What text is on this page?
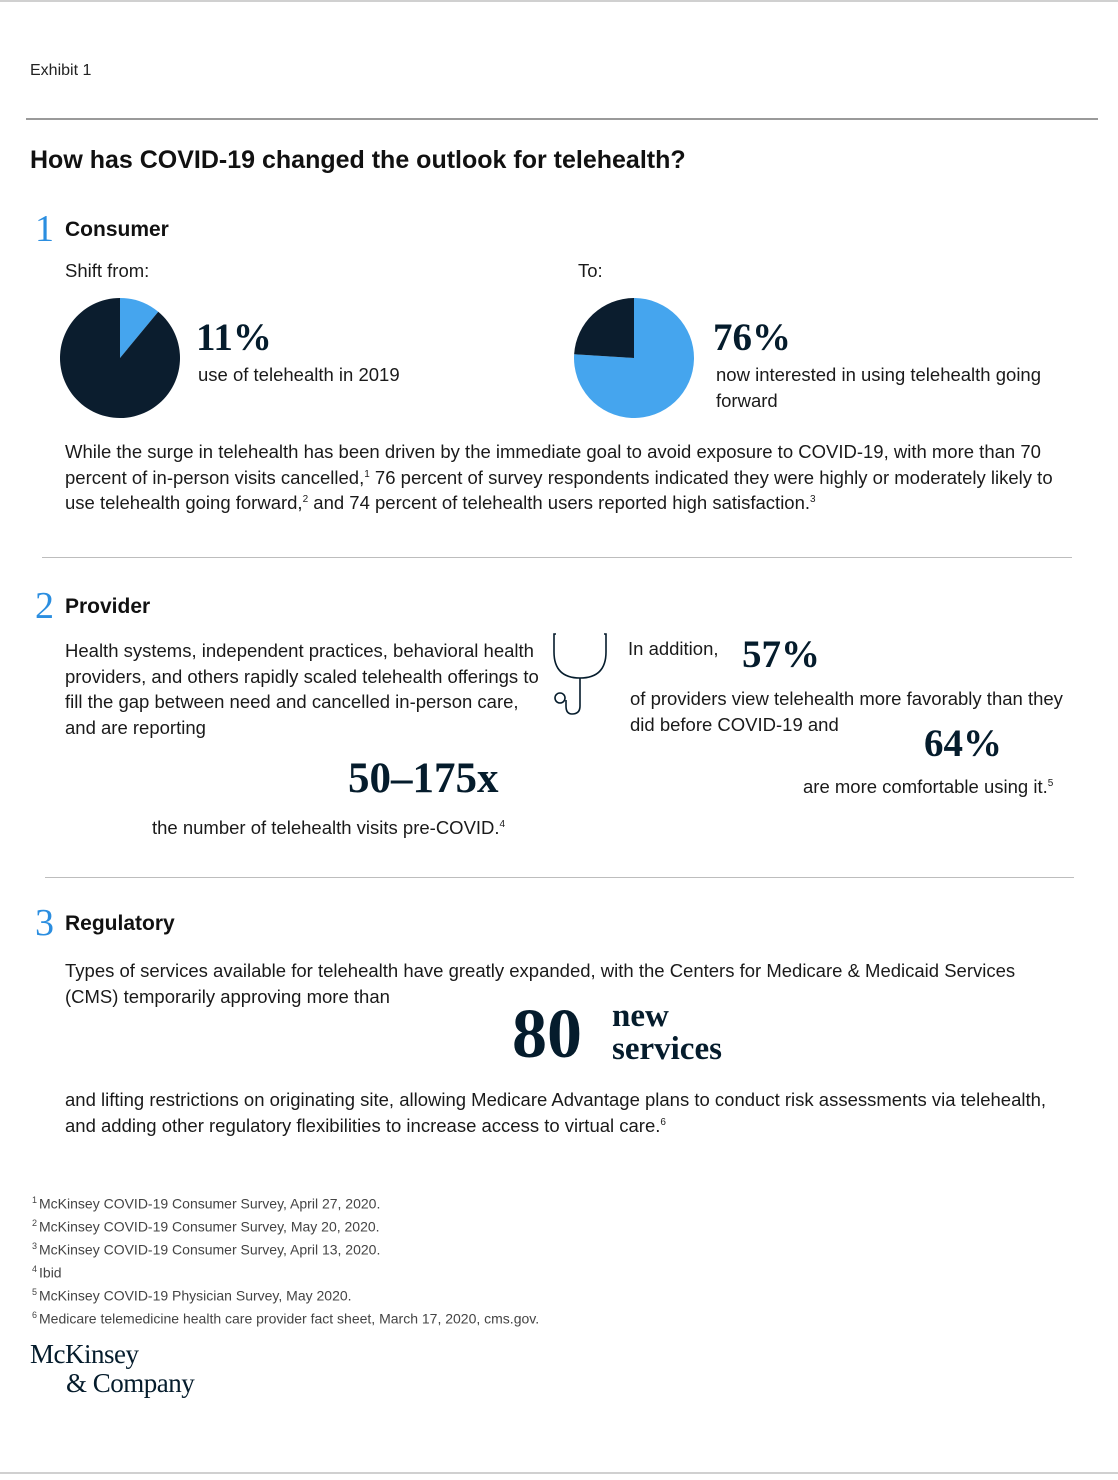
Exhibit 1
How has COVID-19 changed the outlook for telehealth?
1 Consumer
Shift from:	To:
11%
use of telehealth in 2019
76%
now interested in using telehealth going forward
While the surge in telehealth has been driven by the immediate goal to avoid exposure to COVID-19, with more than 70 percent of in-person visits cancelled,$^1$ 76 percent of survey respondents indicated they were highly or moderately likely to use telehealth going forward,$^2$ and 74 percent of telehealth users reported high satisfaction.$^3$
2 Provider
Health systems, independent practices, behavioral health providers, and others rapidly scaled telehealth offerings to fill the gap between need and cancelled in-person care, and are reporting
50–175x
the number of telehealth visits pre-COVID.$^4$
In addition, 57%
of providers view telehealth more favorably than they did before COVID-19 and	64%
are more comfortable using it.$^5$
3 Regulatory
Types of services available for telehealth have greatly expanded, with the Centers for Medicare & Medicaid Services (CMS) temporarily approving more than	80 new
services
and lifting restrictions on originating site, allowing Medicare Advantage plans to conduct risk assessments via telehealth, and adding other regulatory flexibilities to increase access to virtual care.$^6$
$^1$ McKinsey COVID-19 Consumer Survey, April 27, 2020.
$^2$ McKinsey COVID-19 Consumer Survey, May 20, 2020.
$^3$ McKinsey COVID-19 Consumer Survey, April 13, 2020.
$^4$ Ibid
$^5$ McKinsey COVID-19 Physician Survey, May 2020.
$^6$ Medicare telemedicine health care provider fact sheet, March 17, 2020, cms.gov.
McKinsey
& Company
